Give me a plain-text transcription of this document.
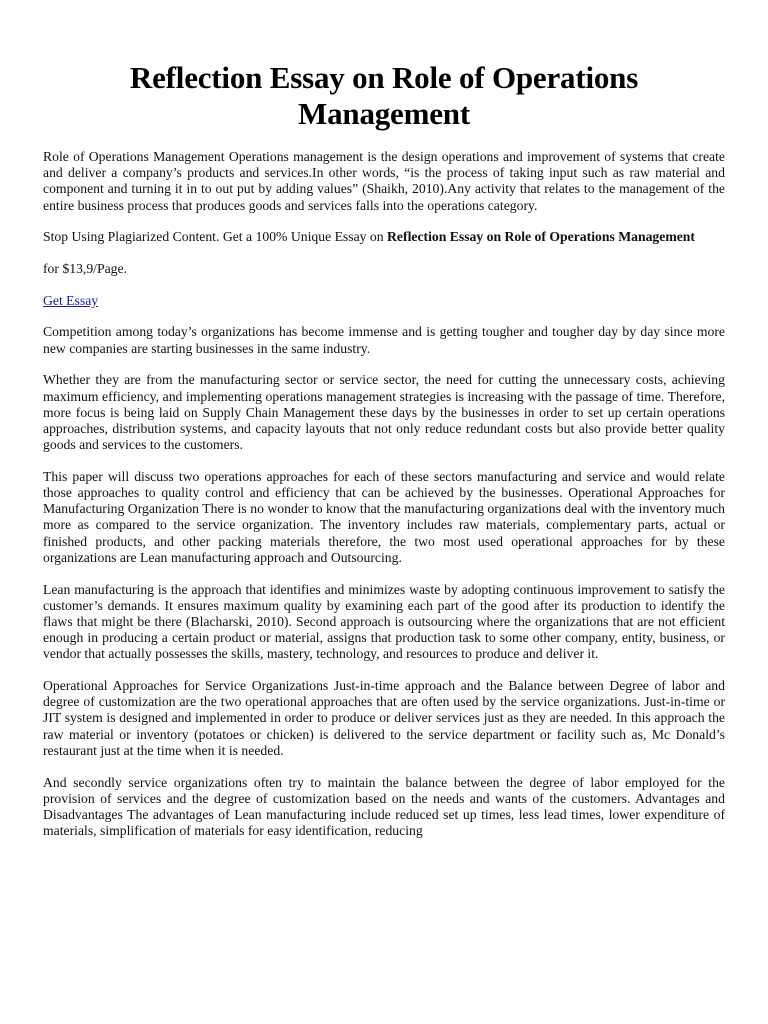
Reflection Essay on Role of Operations Management

Role of Operations Management Operations management is the design operations and improvement of systems that create and deliver a company’s products and services.In other words, “is the process of taking input such as raw material and component and turning it in to out put by adding values” (Shaikh, 2010).Any activity that relates to the management of the entire business process that produces goods and services falls into the operations category.

Stop Using Plagiarized Content. Get a 100% Unique Essay on Reflection Essay on Role of Operations Management

for $13,9/Page.

Get Essay

Competition among today’s organizations has become immense and is getting tougher and tougher day by day since more new companies are starting businesses in the same industry.

Whether they are from the manufacturing sector or service sector, the need for cutting the unnecessary costs, achieving maximum efficiency, and implementing operations management strategies is increasing with the passage of time. Therefore, more focus is being laid on Supply Chain Management these days by the businesses in order to set up certain operations approaches, distribution systems, and capacity layouts that not only reduce redundant costs but also provide better quality goods and services to the customers.

This paper will discuss two operations approaches for each of these sectors manufacturing and service and would relate those approaches to quality control and efficiency that can be achieved by the businesses. Operational Approaches for Manufacturing Organization There is no wonder to know that the manufacturing organizations deal with the inventory much more as compared to the service organization. The inventory includes raw materials, complementary parts, actual or finished products, and other packing materials therefore, the two most used operational approaches for by these organizations are Lean manufacturing approach and Outsourcing.

Lean manufacturing is the approach that identifies and minimizes waste by adopting continuous improvement to satisfy the customer’s demands. It ensures maximum quality by examining each part of the good after its production to identify the flaws that might be there (Blacharski, 2010). Second approach is outsourcing where the organizations that are not efficient enough in producing a certain product or material, assigns that production task to some other company, entity, business, or vendor that actually possesses the skills, mastery, technology, and resources to produce and deliver it.

Operational Approaches for Service Organizations Just-in-time approach and the Balance between Degree of labor and degree of customization are the two operational approaches that are often used by the service organizations. Just-in-time or JIT system is designed and implemented in order to produce or deliver services just as they are needed. In this approach the raw material or inventory (potatoes or chicken) is delivered to the service department or facility such as, Mc Donald’s restaurant just at the time when it is needed.

And secondly service organizations often try to maintain the balance between the degree of labor employed for the provision of services and the degree of customization based on the needs and wants of the customers. Advantages and Disadvantages The advantages of Lean manufacturing include reduced set up times, less lead times, lower expenditure of materials, simplification of materials for easy identification, reducing
